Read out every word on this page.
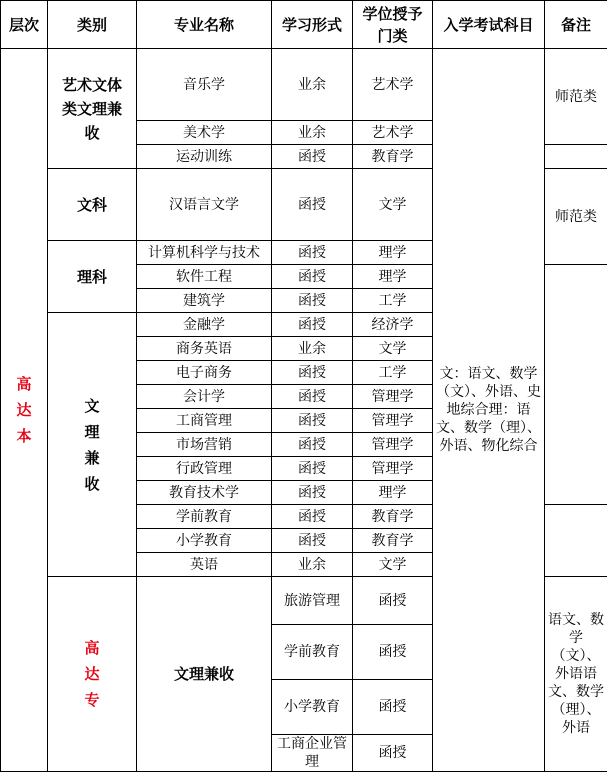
层次	类别	专业名称	学习形式	学位授予门类	入学考试科目	备注	
高达本	艺术文体类文理兼收	音乐学	业余	艺术学	文：语文、数学（文）、外语、史地综合理：语文、数学（理）、外语、物化综合	师范类	
		美术学	业余	艺术学			
		运动训练	函授	教育学			
	文科	汉语言文学	函授	文学		师范类	
	理科	计算机科学与技术	函授	理学			
		软件工程	函授	理学			
		建筑学	函授	工学			
	文理兼收	金融学	函授	经济学			
		商务英语	业余	文学			
		电子商务	函授	工学			
		会计学	函授	管理学			
		工商管理	函授	管理学			
		市场营销	函授	管理学			
		行政管理	函授	管理学			
		教育技术学	函授	理学	
		学前教育	函授	教育学			
		小学教育	函授	教育学			
		英语	业余	文学			
	高达专	文理兼收	旅游管理	函授		语文、数学（文）、外语语文、数学（理）、外语	
			学前教育	函授	
			小学教育	函授	
			工商企业管理	函授			
